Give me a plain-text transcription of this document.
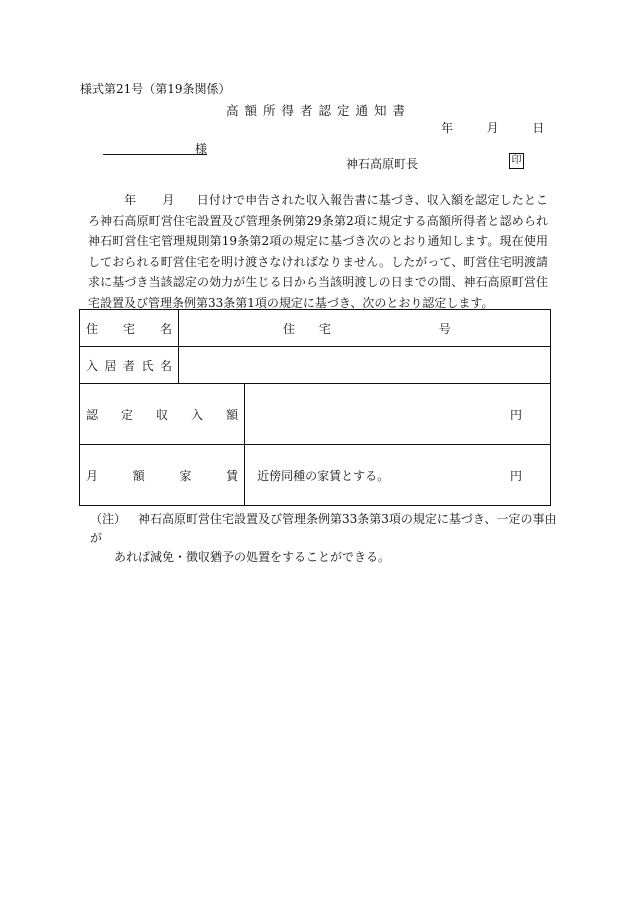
様式第21号（第19条関係）
高額所得者認定通知書
年	月	日
様
神石高原町長	印
年 月 日付けで申告された収入報告書に基づき、収入額を認定したところ神石高原町営住宅設置及び管理条例第29条第2項に規定する高額所得者と認められ神石町営住宅管理規則第19条第2項の規定に基づき次のとおり通知します。現在使用しておられる町営住宅を明け渡さなければなりません。したがって、町営住宅明渡請求に基づき当該認定の効力が生じる日から当該明渡しの日までの間、神石高原町営住宅設置及び管理条例第33条第1項の規定に基づき、次のとおり認定します。
住 宅 名	住 宅 号	

入 居 者 氏 名		

認 定 収 入 額		円

月 額 家 賃		近傍同種の家賃とする。 円
（注） 神石高原町営住宅設置及び管理条例第33条第3項の規定に基づき、一定の事由が
あれば減免・徴収猶予の処置をすることができる。
